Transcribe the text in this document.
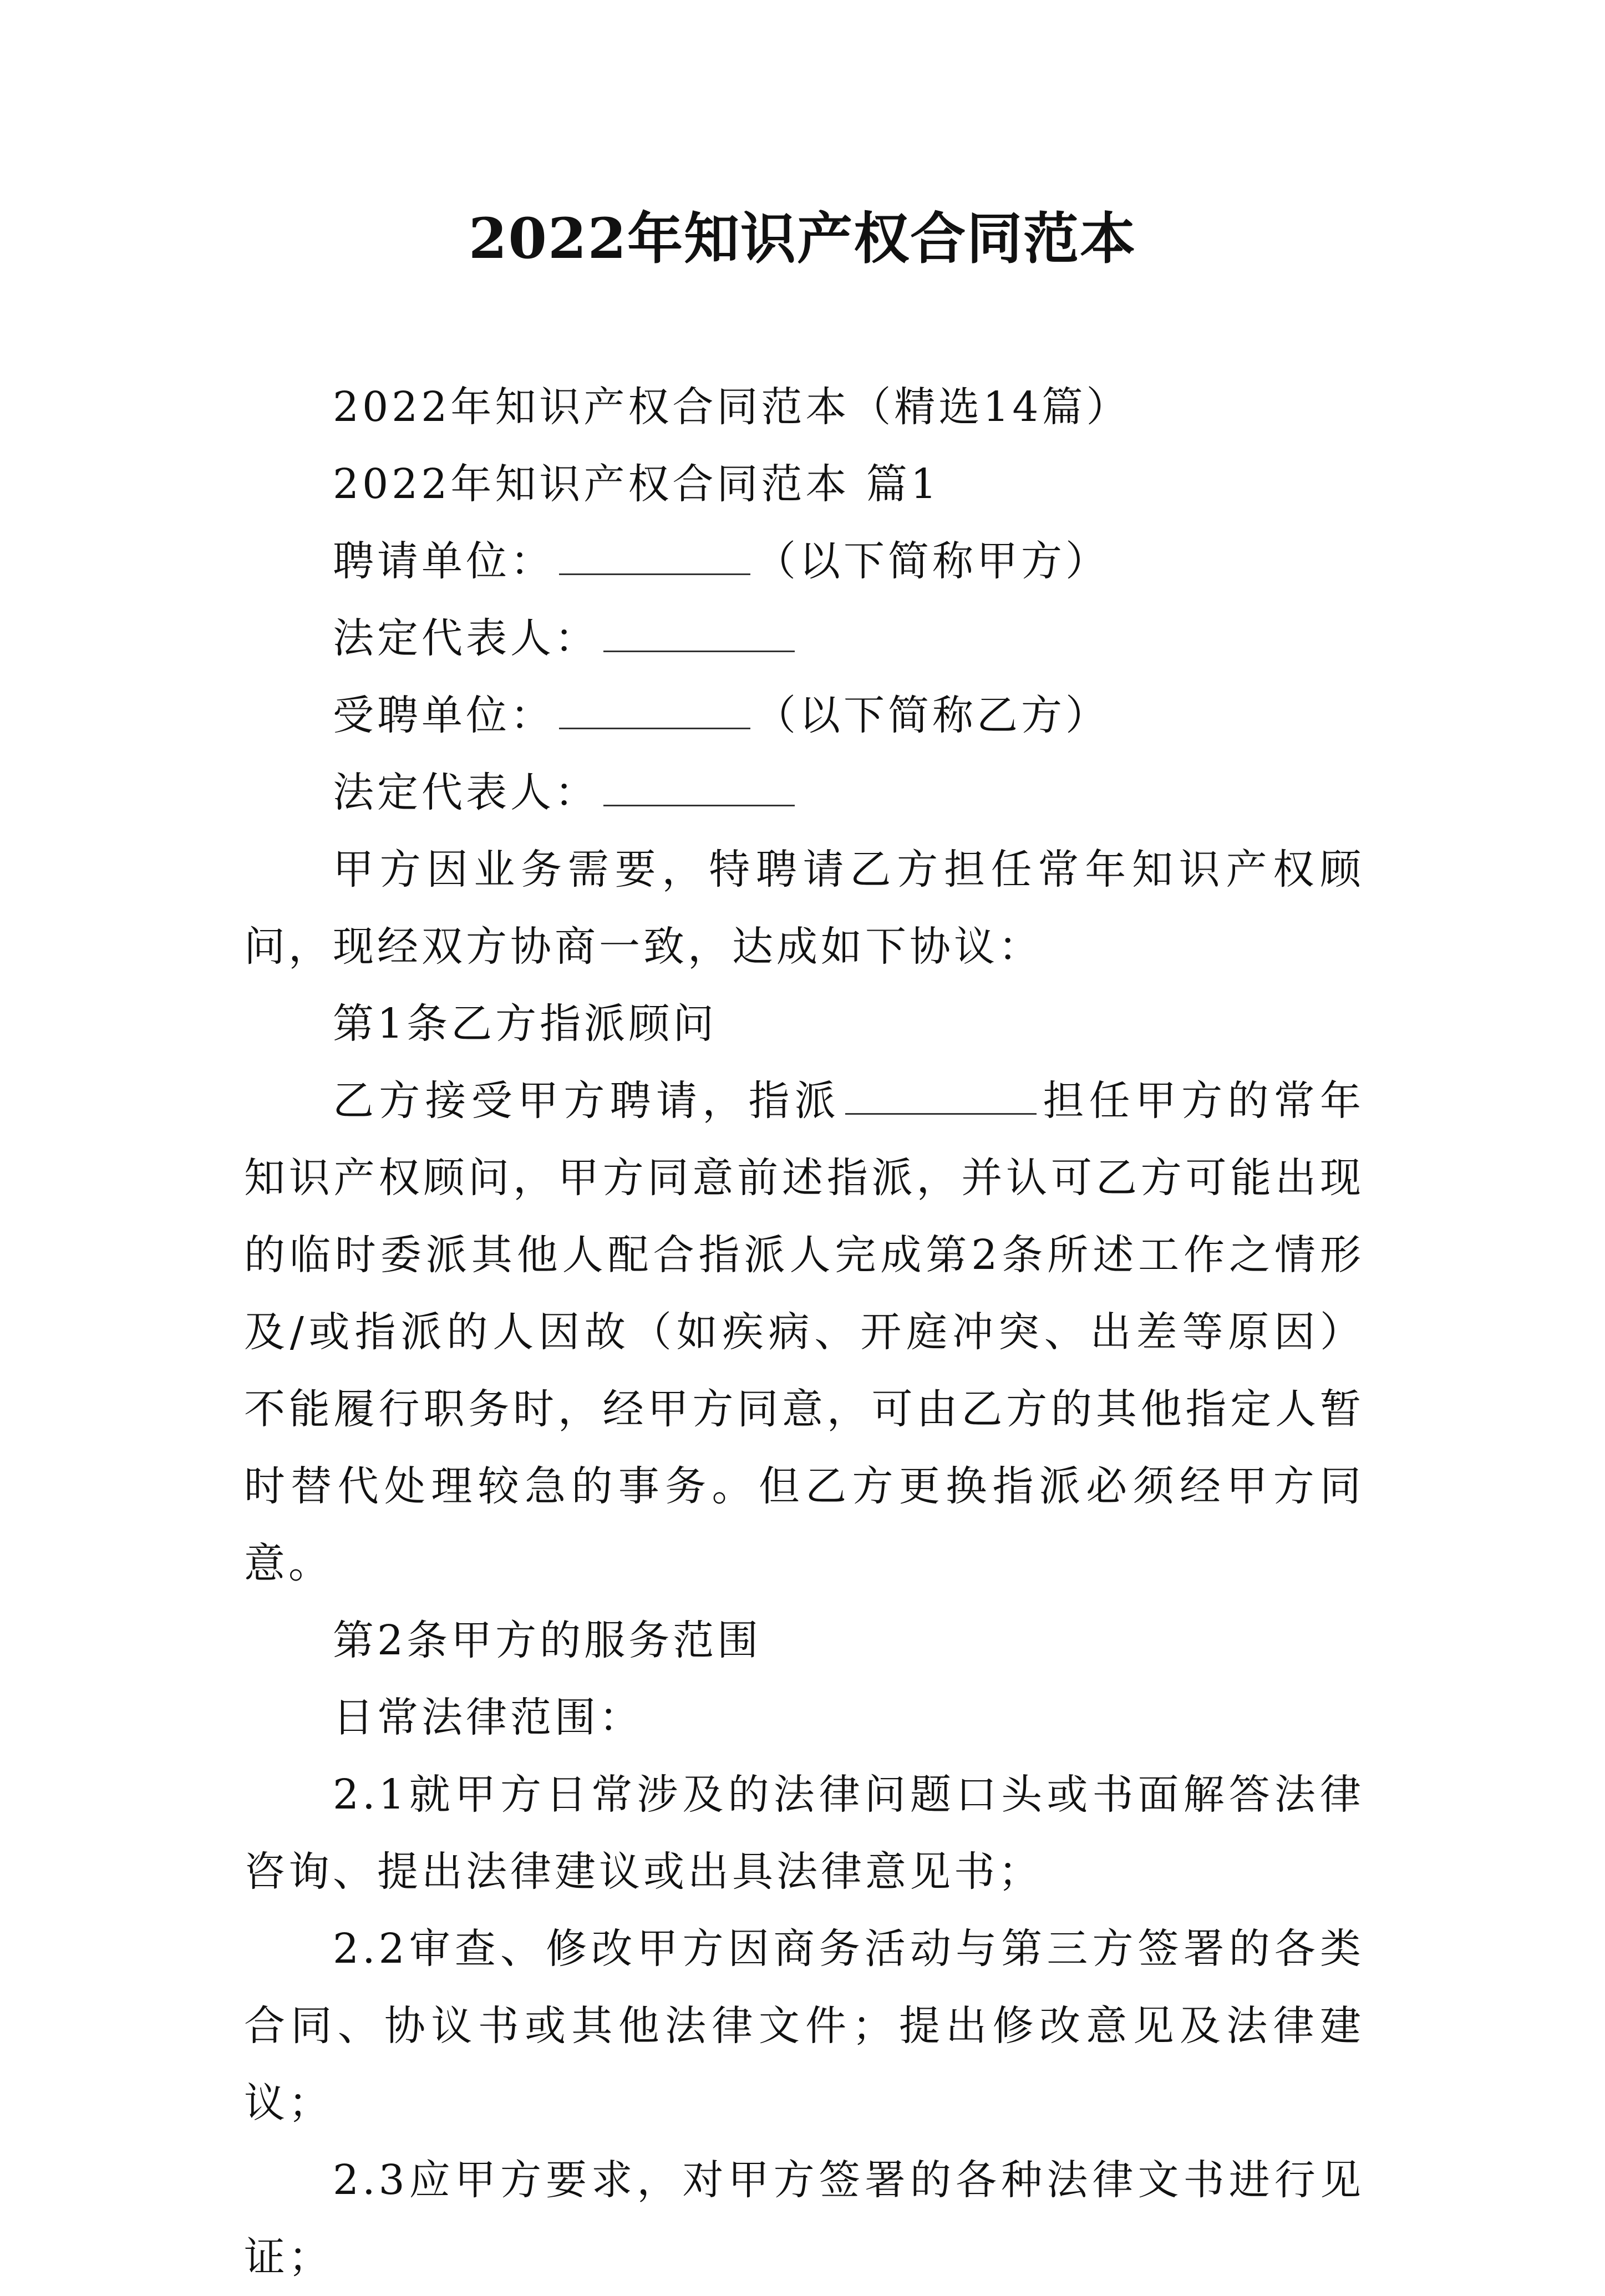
2022年知识产权合同范本

2022年知识产权合同范本（精选14篇）

2022年知识产权合同范本 篇1

聘请单位：	（以下简称甲方）

法定代表人：

受聘单位：	（以下简称乙方）

法定代表人：

甲方因业务需要，特聘请乙方担任常年知识产权顾问，现经双方协商一致，达成如下协议：

第1条乙方指派顾问

乙方接受甲方聘请，指派	担任甲方的常年知识产权顾问，甲方同意前述指派，并认可乙方可能出现的临时委派其他人配合指派人完成第2条所述工作之情形及/或指派的人因故（如疾病、开庭冲突、出差等原因）不能履行职务时，经甲方同意，可由乙方的其他指定人暂时替代处理较急的事务。但乙方更换指派必须经甲方同意。

第2条甲方的服务范围

日常法律范围：

2.1就甲方日常涉及的法律问题口头或书面解答法律咨询、提出法律建议或出具法律意见书；

2.2审查、修改甲方因商务活动与第三方签署的各类合同、协议书或其他法律文件；提出修改意见及法律建议；

2.3应甲方要求，对甲方签署的各种法律文书进行见证；
